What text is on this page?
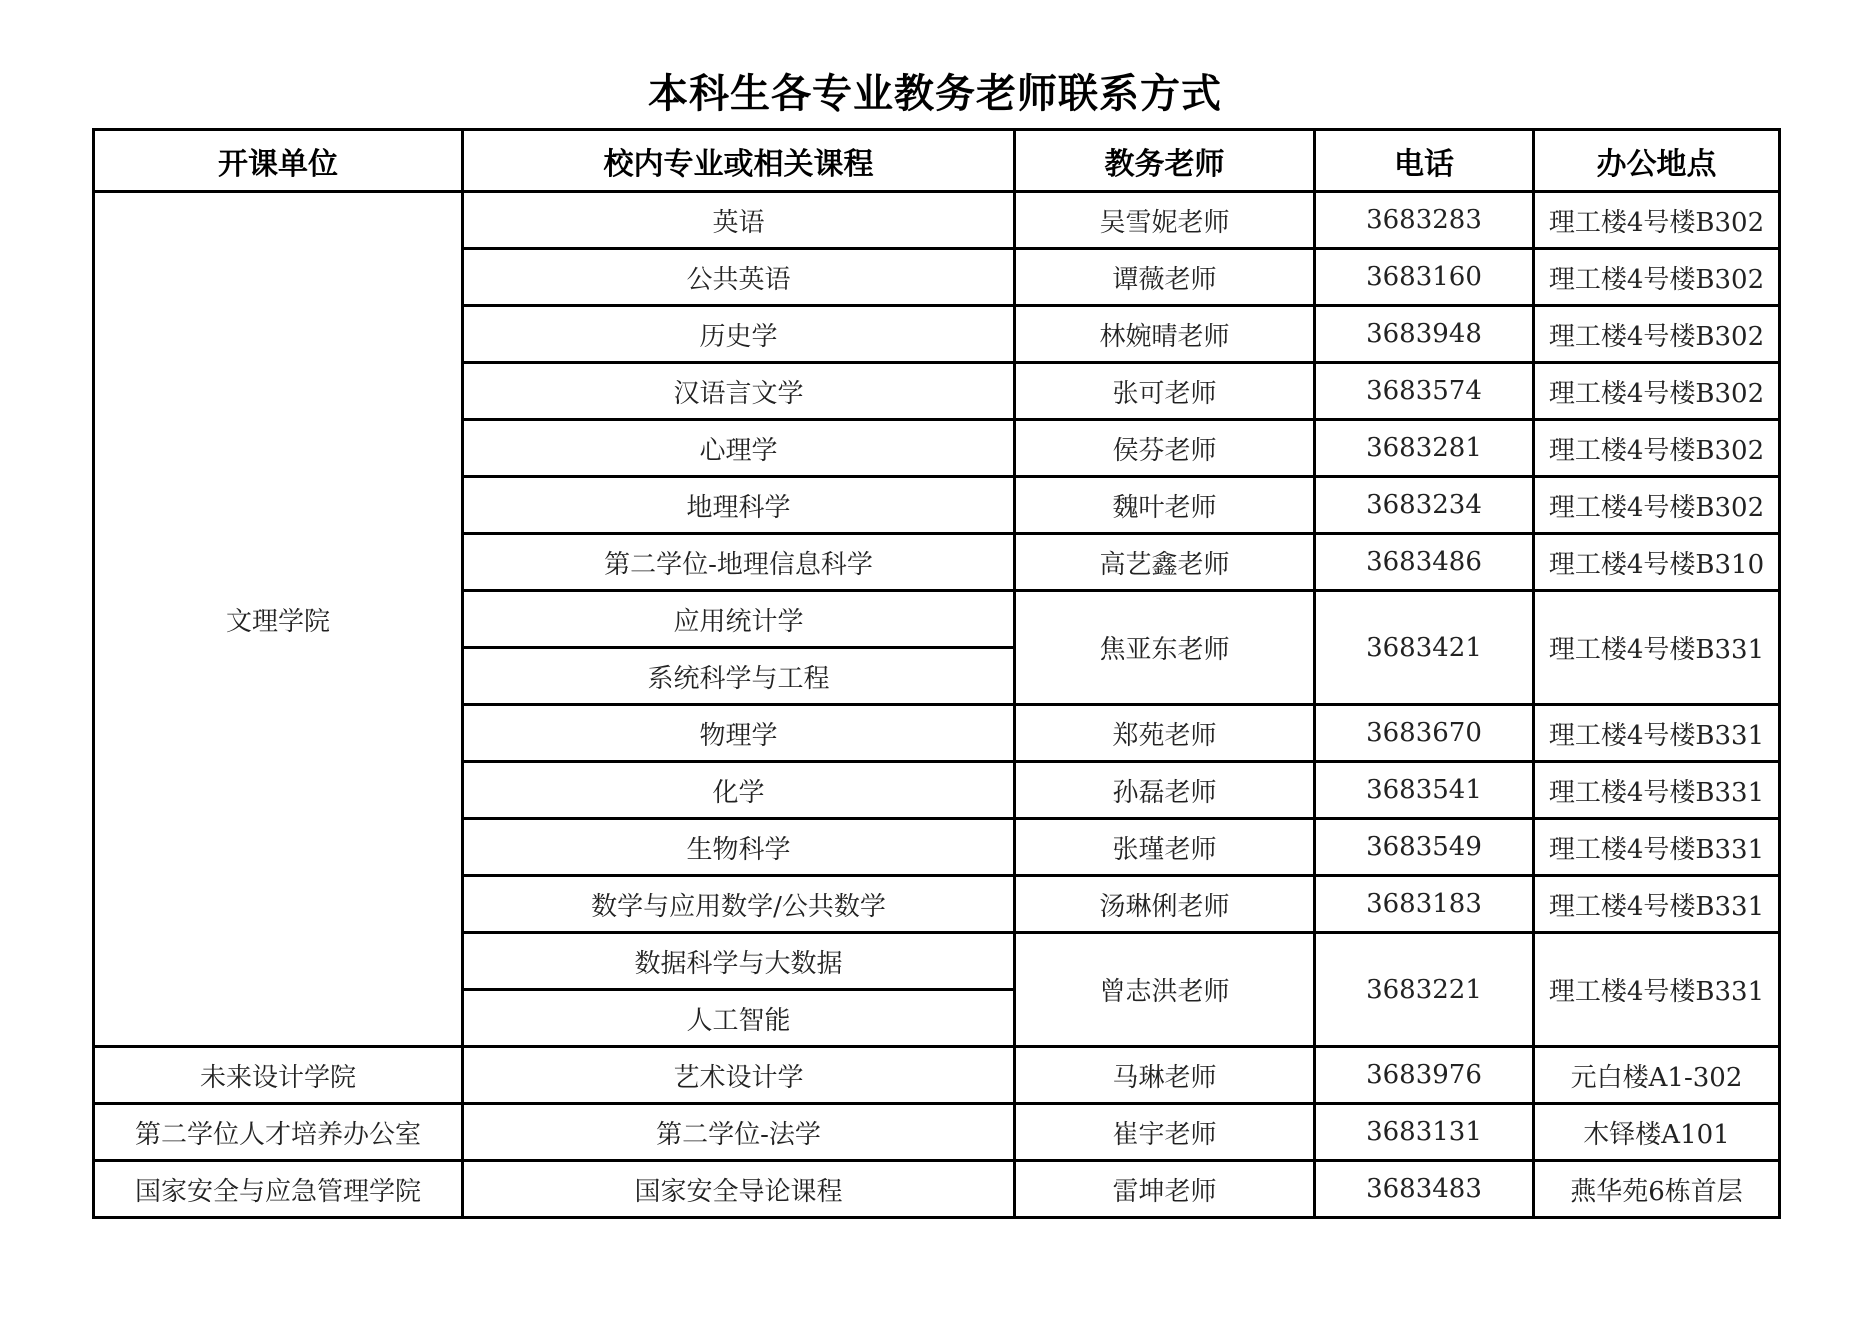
本科生各专业教务老师联系方式
开课单位	校内专业或相关课程	教务老师	电话	办公地点
文理学院	英语	吴雪妮老师	3683283	理工楼4号楼B302
	公共英语	谭薇老师	3683160	理工楼4号楼B302
	历史学	林婉晴老师	3683948	理工楼4号楼B302
	汉语言文学	张可老师	3683574	理工楼4号楼B302
	心理学	侯芬老师	3683281	理工楼4号楼B302
	地理科学	魏叶老师	3683234	理工楼4号楼B302
	第二学位-地理信息科学	高艺鑫老师	3683486	理工楼4号楼B310
	应用统计学	焦亚东老师	3683421	理工楼4号楼B331
	系统科学与工程			
	物理学	郑苑老师	3683670	理工楼4号楼B331
	化学	孙磊老师	3683541	理工楼4号楼B331
	生物科学	张瑾老师	3683549	理工楼4号楼B331
	数学与应用数学/公共数学	汤琳俐老师	3683183	理工楼4号楼B331
	数据科学与大数据	曾志洪老师	3683221	理工楼4号楼B331
	人工智能			
未来设计学院	艺术设计学	马琳老师	3683976	元白楼A1-302
第二学位人才培养办公室	第二学位-法学	崔宇老师	3683131	木铎楼A101
国家安全与应急管理学院	国家安全导论课程	雷坤老师	3683483	燕华苑6栋首层
